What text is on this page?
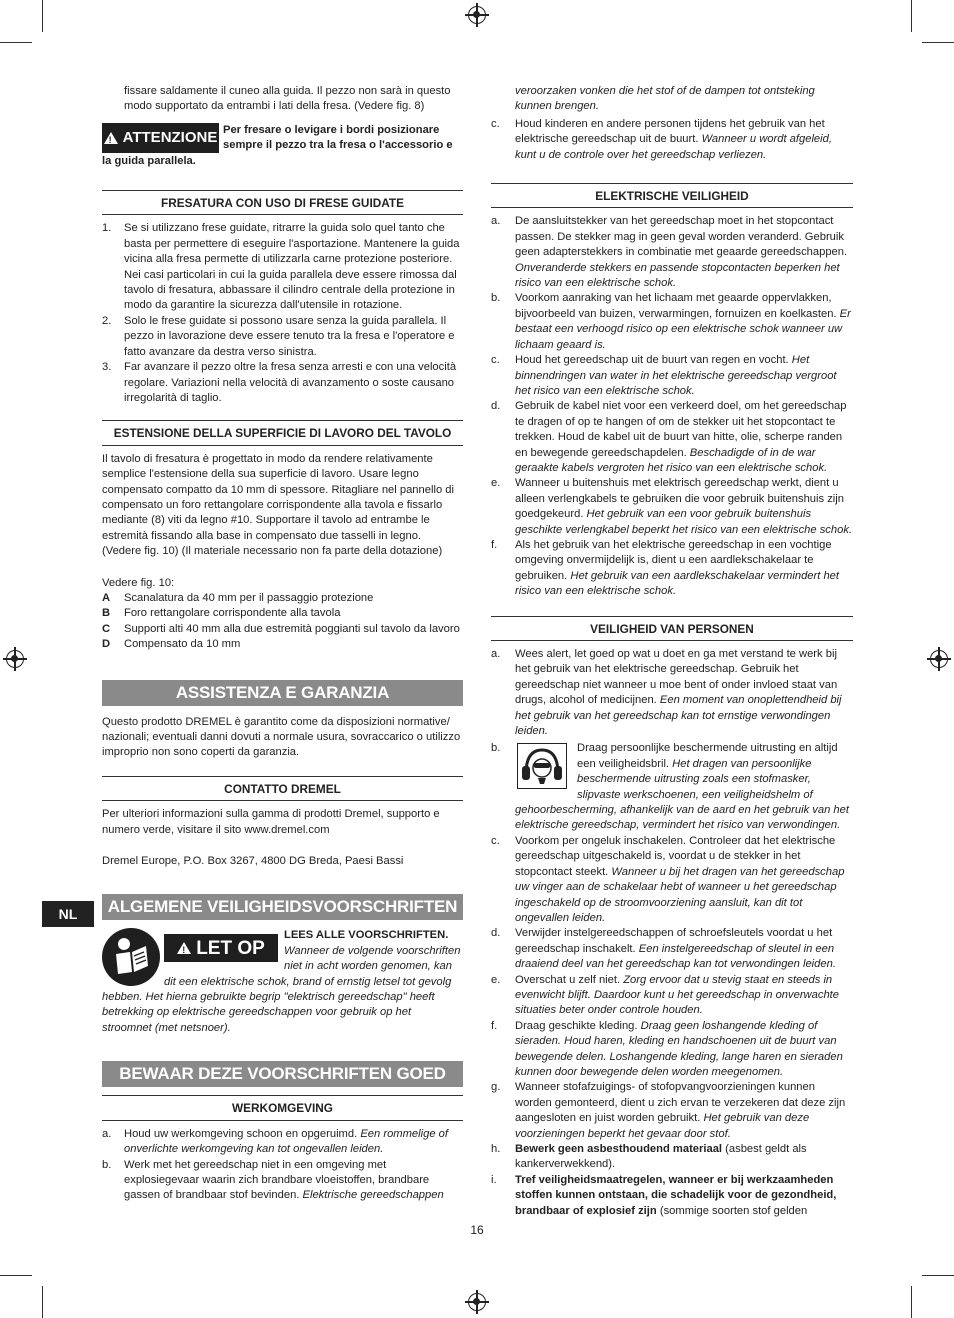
fissare saldamente il cuneo alla guida. Il pezzo non sarà in questo modo supportato da entrambi i lati della fresa. (Vedere fig. 8)

!
ATTENZIONE Per fresare o levigare i bordi posizionare sempre il pezzo tra la fresa o l'accessorio e la guida parallela.
FRESATURA CON USO DI FRESE GUIDATE
1.	Se si utilizzano frese guidate, ritrarre la guida solo quel tanto che basta per permettere di eseguire l'asportazione. Mantenere la guida vicina alla fresa permette di utilizzarla carne protezione posteriore. Nei casi particolari in cui la guida parallela deve essere rimossa dal tavolo di fresatura, abbassare il cilindro centrale della protezione in modo da garantire la sicurezza dall'utensile in rotazione.
2.	Solo le frese guidate si possono usare senza la guida parallela. Il pezzo in lavorazione deve essere tenuto tra la fresa e l'operatore e fatto avanzare da destra verso sinistra.
3.	Far avanzare il pezzo oltre la fresa senza arresti e con una velocità regolare. Variazioni nella velocità di avanzamento o soste causano irregolarità di taglio.
ESTENSIONE DELLA SUPERFICIE DI LAVORO DEL TAVOLO

Il tavolo di fresatura è progettato in modo da rendere relativamente semplice l'estensione della sua superficie di lavoro. Usare legno compensato compatto da 10 mm di spessore. Ritagliare nel pannello di compensato un foro rettangolare corrispondente alla tavola e fissarlo mediante (8) viti da legno #10. Supportare il tavolo ad entrambe le estremità fissando alla base in compensato due tasselli in legno. (Vedere fig. 10) (Il materiale necessario non fa parte della dotazione)

Vedere fig. 10:

A	Scanalatura da 40 mm per il passaggio protezione
B	Foro rettangolare corrispondente alla tavola
C	Supporti alti 40 mm alla due estremità poggianti sul tavolo da lavoro
D	Compensato da 10 mm
ASSISTENZA E GARANZIA

Questo prodotto DREMEL è garantito come da disposizioni normative/ nazionali; eventuali danni dovuti a normale usura, sovraccarico o utilizzo improprio non sono coperti da garanzia.

CONTATTO DREMEL

Per ulteriori informazioni sulla gamma di prodotti Dremel, supporto e numero verde, visitare il sito www.dremel.com

Dremel Europe, P.O. Box 3267, 4800 DG Breda, Paesi Bassi

ALGEMENE VEILIGHEIDSVOORSCHRIFTEN
!
LET OP
LEES ALLE VOORSCHRIFTEN. Wanneer de volgende voorschriften niet in acht worden genomen, kan dit een elektrische schok, brand of ernstig letsel tot gevolg hebben. Het hierna gebruikte begrip "elektrisch gereedschap" heeft betrekking op elektrische gereedschappen voor gebruik op het stroomnet (met netsnoer).
BEWAAR DEZE VOORSCHRIFTEN GOED
WERKOMGEVING
a.	Houd uw werkomgeving schoon en opgeruimd. Een rommelige of onverlichte werkomgeving kan tot ongevallen leiden.
b.	Werk met het gereedschap niet in een omgeving met explosiegevaar waarin zich brandbare vloeistoffen, brandbare gassen of brandbaar stof bevinden. Elektrische gereedschappen
NL

veroorzaken vonken die het stof of de dampen tot ontsteking kunnen brengen.

c.	Houd kinderen en andere personen tijdens het gebruik van het elektrische gereedschap uit de buurt. Wanneer u wordt afgeleid, kunt u de controle over het gereedschap verliezen.
ELEKTRISCHE VEILIGHEID
a.	De aansluitstekker van het gereedschap moet in het stopcontact passen. De stekker mag in geen geval worden veranderd. Gebruik geen adapterstekkers in combinatie met geaarde gereedschappen. Onveranderde stekkers en passende stopcontacten beperken het risico van een elektrische schok.
b.	Voorkom aanraking van het lichaam met geaarde oppervlakken, bijvoorbeeld van buizen, verwarmingen, fornuizen en koelkasten. Er bestaat een verhoogd risico op een elektrische schok wanneer uw lichaam geaard is.
c.	Houd het gereedschap uit de buurt van regen en vocht. Het binnendringen van water in het elektrische gereedschap vergroot het risico van een elektrische schok.
d.	Gebruik de kabel niet voor een verkeerd doel, om het gereedschap te dragen of op te hangen of om de stekker uit het stopcontact te trekken. Houd de kabel uit de buurt van hitte, olie, scherpe randen en bewegende gereedschapdelen. Beschadigde of in de war geraakte kabels vergroten het risico van een elektrische schok.
e.	Wanneer u buitenshuis met elektrisch gereedschap werkt, dient u alleen verlengkabels te gebruiken die voor gebruik buitenshuis zijn goedgekeurd. Het gebruik van een voor gebruik buitenshuis geschikte verlengkabel beperkt het risico van een elektrische schok.
f.	Als het gebruik van het elektrische gereedschap in een vochtige omgeving onvermijdelijk is, dient u een aardlekschakelaar te gebruiken. Het gebruik van een aardlekschakelaar vermindert het risico van een elektrische schok.
VEILIGHEID VAN PERSONEN
a.	Wees alert, let goed op wat u doet en ga met verstand te werk bij het gebruik van het elektrische gereedschap. Gebruik het gereedschap niet wanneer u moe bent of onder invloed staat van drugs, alcohol of medicijnen. Een moment van onoplettendheid bij het gebruik van het gereedschap kan tot ernstige verwondingen leiden.
b.	Draag persoonlijke beschermende uitrusting en altijd een veiligheidsbril. Het dragen van persoonlijke beschermende uitrusting zoals een stofmasker, slipvaste werkschoenen, een veiligheidshelm of gehoorbescherming, afhankelijk van de aard en het gebruik van het elektrische gereedschap, vermindert het risico van verwondingen.
c.	Voorkom per ongeluk inschakelen. Controleer dat het elektrische gereedschap uitgeschakeld is, voordat u de stekker in het stopcontact steekt. Wanneer u bij het dragen van het gereedschap uw vinger aan de schakelaar hebt of wanneer u het gereedschap ingeschakeld op de stroomvoorziening aansluit, kan dit tot ongevallen leiden.
d.	Verwijder instelgereedschappen of schroefsleutels voordat u het gereedschap inschakelt. Een instelgereedschap of sleutel in een draaiend deel van het gereedschap kan tot verwondingen leiden.
e.	Overschat u zelf niet. Zorg ervoor dat u stevig staat en steeds in evenwicht blijft. Daardoor kunt u het gereedschap in onverwachte situaties beter onder controle houden.
f.	Draag geschikte kleding. Draag geen loshangende kleding of sieraden. Houd haren, kleding en handschoenen uit de buurt van bewegende delen. Loshangende kleding, lange haren en sieraden kunnen door bewegende delen worden meegenomen.
g.	Wanneer stofafzuigings- of stofopvangvoorzieningen kunnen worden gemonteerd, dient u zich ervan te verzekeren dat deze zijn aangesloten en juist worden gebruikt. Het gebruik van deze voorzieningen beperkt het gevaar door stof.
h.	Bewerk geen asbesthoudend materiaal (asbest geldt als kankerverwekkend).
i.	Tref veiligheidsmaatregelen, wanneer er bij werkzaamheden stoffen kunnen ontstaan, die schadelijk voor de gezondheid, brandbaar of explosief zijn (sommige soorten stof gelden
16
